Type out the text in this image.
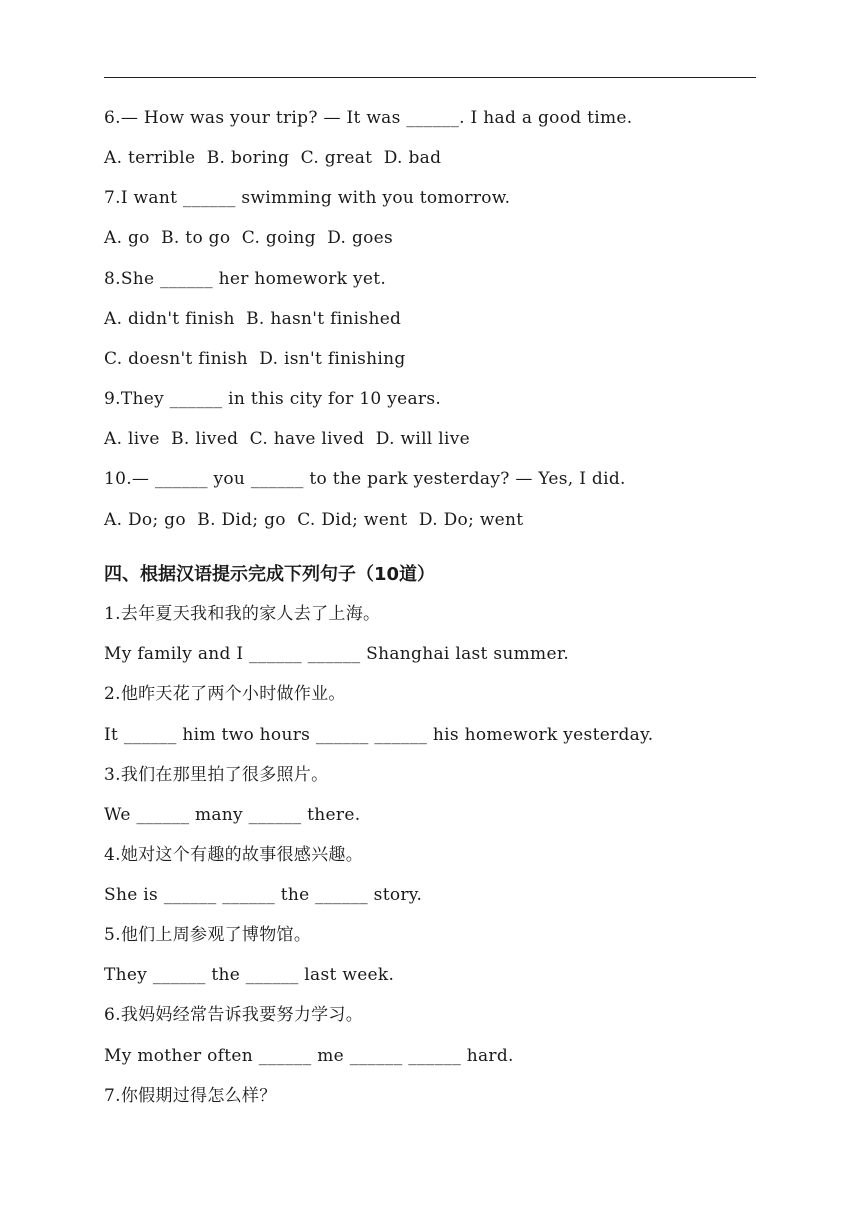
6.— How was your trip? — It was ______. I had a good time.
A. terrible  B. boring  C. great  D. bad
7.I want ______ swimming with you tomorrow.
A. go  B. to go  C. going  D. goes
8.She ______ her homework yet.
A. didn't finish  B. hasn't finished
C. doesn't finish  D. isn't finishing
9.They ______ in this city for 10 years.
A. live  B. lived  C. have lived  D. will live
10.— ______ you ______ to the park yesterday? — Yes, I did.
A. Do; go  B. Did; go  C. Did; went  D. Do; went
四、根据汉语提示完成下列句子（10道）
1.去年夏天我和我的家人去了上海。
My family and I ______ ______ Shanghai last summer.
2.他昨天花了两个小时做作业。
It ______ him two hours ______ ______ his homework yesterday.
3.我们在那里拍了很多照片。
We ______ many ______ there.
4.她对这个有趣的故事很感兴趣。
She is ______ ______ the ______ story.
5.他们上周参观了博物馆。
They ______ the ______ last week.
6.我妈妈经常告诉我要努力学习。
My mother often ______ me ______ ______ hard.
7.你假期过得怎么样？
